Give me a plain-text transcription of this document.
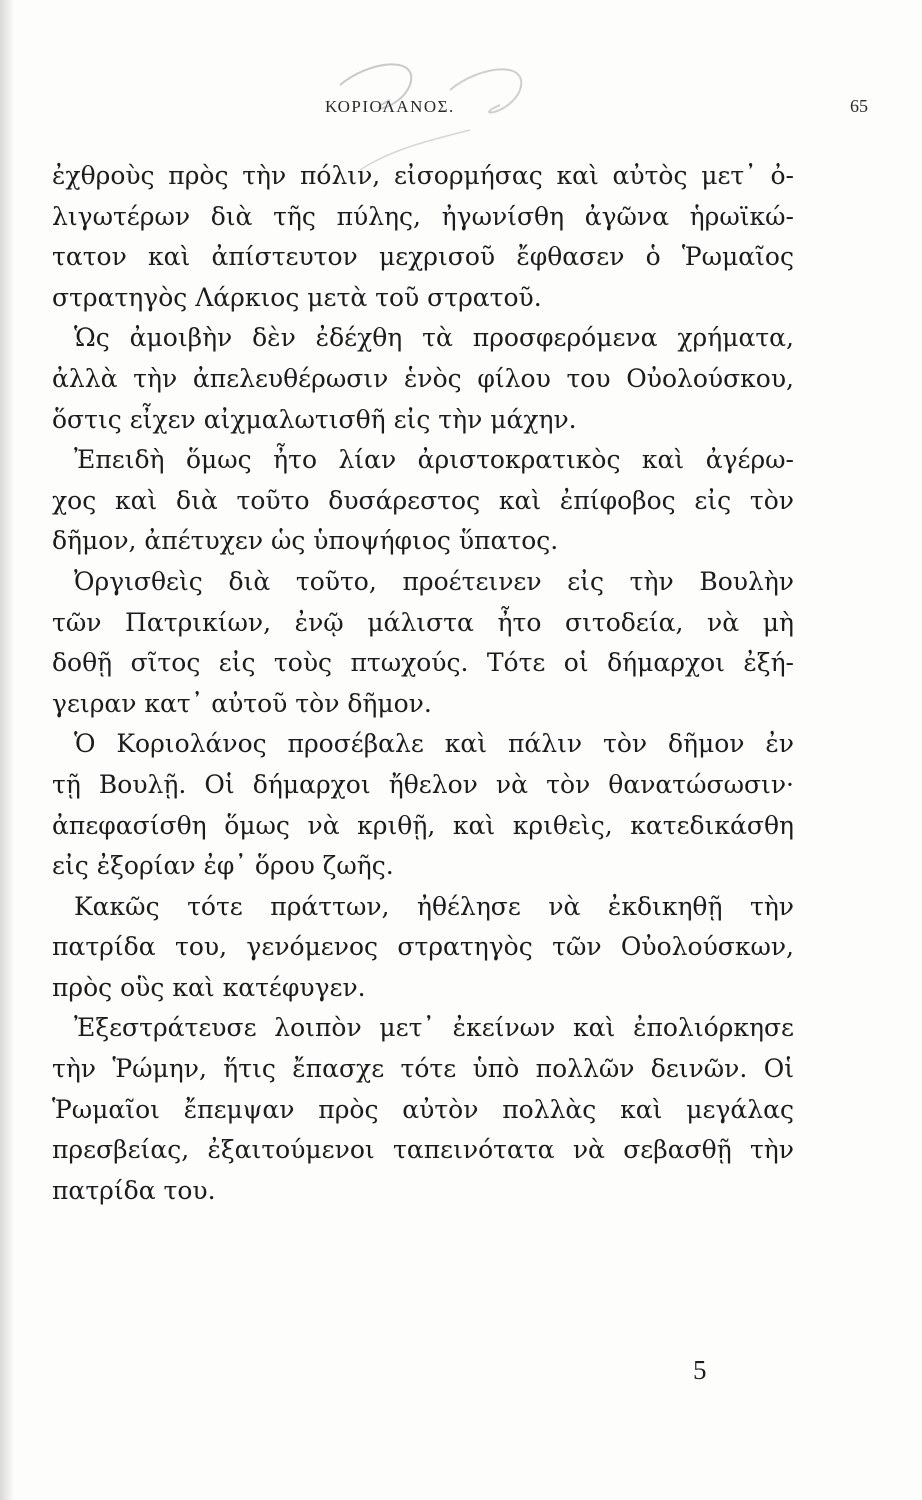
ΚΟΡΙΟΛΑΝΟΣ.	65
ἐχθροὺς πρὸς τὴν πόλιν, εἰσορμήσας καὶ αὐτὸς μετ᾽ ὀ-
λιγωτέρων διὰ τῆς πύλης, ἠγωνίσθη ἀγῶνα ἡρωϊκώ-
τατον καὶ ἀπίστευτον μεχρισοῦ ἔφθασεν ὁ Ῥωμαῖος
στρατηγὸς Λάρκιος μετὰ τοῦ στρατοῦ.
Ὡς ἀμοιβὴν δὲν ἐδέχθη τὰ προσφερόμενα χρήματα,
ἀλλὰ τὴν ἀπελευθέρωσιν ἑνὸς φίλου του Οὐολούσκου,
ὅστις εἶχεν αἰχμαλωτισθῆ εἰς τὴν μάχην.
Ἐπειδὴ ὅμως ἦτο λίαν ἀριστοκρατικὸς καὶ ἀγέρω-
χος καὶ διὰ τοῦτο δυσάρεστος καὶ ἐπίφοβος εἰς τὸν
δῆμον, ἀπέτυχεν ὡς ὑποψήφιος ὕπατος.
Ὀργισθεὶς διὰ τοῦτο, προέτεινεν εἰς τὴν Βουλὴν
τῶν Πατρικίων, ἐνῷ μάλιστα ἦτο σιτοδεία, νὰ μὴ
δοθῇ σῖτος εἰς τοὺς πτωχούς. Τότε οἱ δήμαρχοι ἐξή-
γειραν κατ᾽ αὐτοῦ τὸν δῆμον.
Ὁ Κοριολάνος προσέβαλε καὶ πάλιν τὸν δῆμον ἐν
τῇ Βουλῇ. Οἱ δήμαρχοι ἤθελον νὰ τὸν θανατώσωσιν·
ἀπεφασίσθη ὅμως νὰ κριθῇ, καὶ κριθεὶς, κατεδικάσθη
εἰς ἐξορίαν ἐφ᾽ ὅρου ζωῆς.
Κακῶς τότε πράττων, ἠθέλησε νὰ ἐκδικηθῇ τὴν
πατρίδα του, γενόμενος στρατηγὸς τῶν Οὐολούσκων,
πρὸς οὓς καὶ κατέφυγεν.
Ἐξεστράτευσε λοιπὸν μετ᾽ ἐκείνων καὶ ἐπολιόρκησε
τὴν Ῥώμην, ἥτις ἔπασχε τότε ὑπὸ πολλῶν δεινῶν. Οἱ
Ῥωμαῖοι ἔπεμψαν πρὸς αὐτὸν πολλὰς καὶ μεγάλας
πρεσβείας, ἐξαιτούμενοι ταπεινότατα νὰ σεβασθῇ τὴν
πατρίδα του.
5
